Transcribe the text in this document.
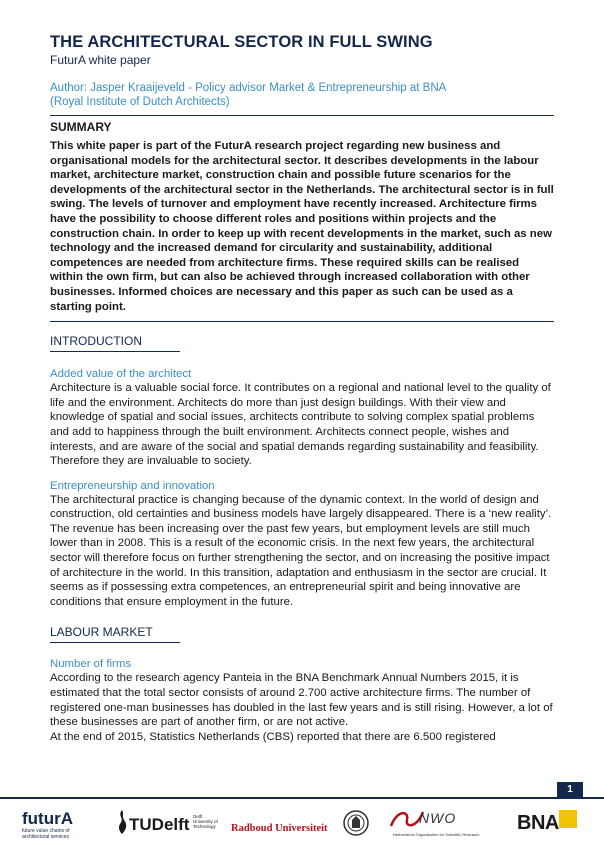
THE ARCHITECTURAL SECTOR IN FULL SWING
FuturA white paper
Author: Jasper Kraaijeveld - Policy advisor Market & Entrepreneurship at BNA
(Royal Institute of Dutch Architects)
SUMMARY
This white paper is part of the FuturA research project regarding new business and organisational models for the architectural sector. It describes developments in the labour market, architecture market, construction chain and possible future scenarios for the developments of the architectural sector in the Netherlands. The architectural sector is in full swing. The levels of turnover and employment have recently increased. Architecture firms have the possibility to choose different roles and positions within projects and the construction chain. In order to keep up with recent developments in the market, such as new technology and the increased demand for circularity and sustainability, additional competences are needed from architecture firms. These required skills can be realised within the own firm, but can also be achieved through increased collaboration with other businesses. Informed choices are necessary and this paper as such can be used as a starting point.
INTRODUCTION
Added value of the architect
Architecture is a valuable social force. It contributes on a regional and national level to the quality of life and the environment. Architects do more than just design buildings. With their view and knowledge of spatial and social issues, architects contribute to solving complex spatial problems and add to happiness through the built environment. Architects connect people, wishes and interests, and are aware of the social and spatial demands regarding sustainability and feasibility. Therefore they are invaluable to society.
Entrepreneurship and innovation
The architectural practice is changing because of the dynamic context. In the world of design and construction, old certainties and business models have largely disappeared. There is a ‘new reality’. The revenue has been increasing over the past few years, but employment levels are still much lower than in 2008. This is a result of the economic crisis. In the next few years, the architectural sector will therefore focus on further strengthening the sector, and on increasing the positive impact of architecture in the world. In this transition, adaptation and enthusiasm in the sector are crucial. It seems as if possessing extra competences, an entrepreneurial spirit and being innovative are conditions that ensure employment in the future.
LABOUR MARKET
Number of firms
According to the research agency Panteia in the BNA Benchmark Annual Numbers 2015, it is estimated that the total sector consists of around 2.700 active architecture firms. The number of registered one-man businesses has doubled in the last few years and is still rising. However, a lot of these businesses are part of another firm, or are not active.
At the end of 2015, Statistics Netherlands (CBS) reported that there are 6.500 registered
1
futurA
future value chains of architectural services
TUDelft Delft University of Technology	Radboud Universiteit
NWO
Netherlands Organisation for Scientific Research
BNA
